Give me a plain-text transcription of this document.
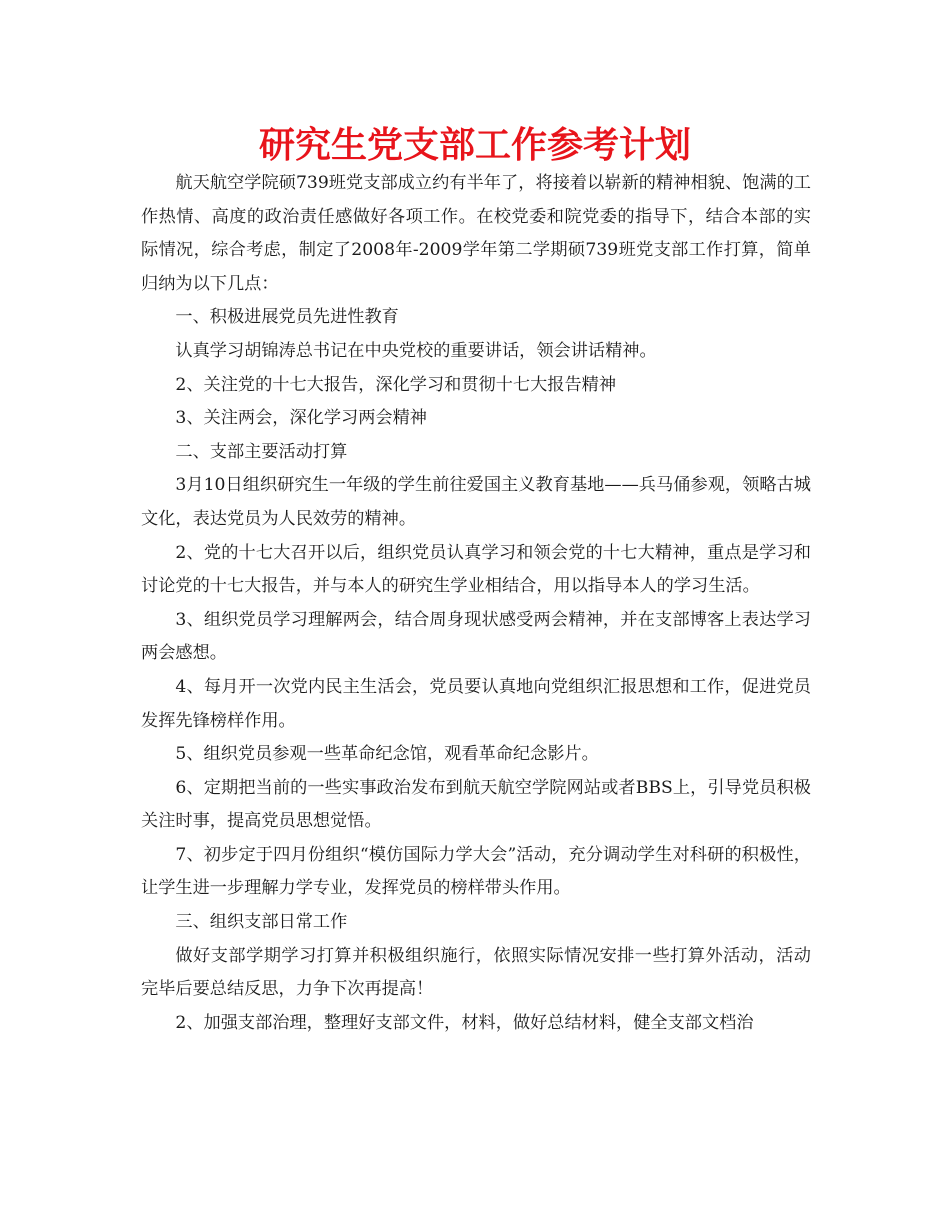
研究生党支部工作参考计划

航天航空学院硕739班党支部成立约有半年了，将接着以崭新的精神相貌、饱满的工作热情、高度的政治责任感做好各项工作。在校党委和院党委的指导下，结合本部的实际情况，综合考虑，制定了2008年-2009学年第二学期硕739班党支部工作打算，简单归纳为以下几点：

一、积极进展党员先进性教育

认真学习胡锦涛总书记在中央党校的重要讲话，领会讲话精神。

2、关注党的十七大报告，深化学习和贯彻十七大报告精神

3、关注两会，深化学习两会精神

二、支部主要活动打算

3月10日组织研究生一年级的学生前往爱国主义教育基地——兵马俑参观，领略古城文化，表达党员为人民效劳的精神。

2、党的十七大召开以后，组织党员认真学习和领会党的十七大精神，重点是学习和讨论党的十七大报告，并与本人的研究生学业相结合，用以指导本人的学习生活。

3、组织党员学习理解两会，结合周身现状感受两会精神，并在支部博客上表达学习两会感想。

4、每月开一次党内民主生活会，党员要认真地向党组织汇报思想和工作，促进党员发挥先锋榜样作用。

5、组织党员参观一些革命纪念馆，观看革命纪念影片。

6、定期把当前的一些实事政治发布到航天航空学院网站或者BBS上，引导党员积极关注时事，提高党员思想觉悟。

7、初步定于四月份组织“模仿国际力学大会”活动，充分调动学生对科研的积极性，让学生进一步理解力学专业，发挥党员的榜样带头作用。

三、组织支部日常工作

做好支部学期学习打算并积极组织施行，依照实际情况安排一些打算外活动，活动完毕后要总结反思，力争下次再提高！

2、加强支部治理，整理好支部文件，材料，做好总结材料，健全支部文档治
